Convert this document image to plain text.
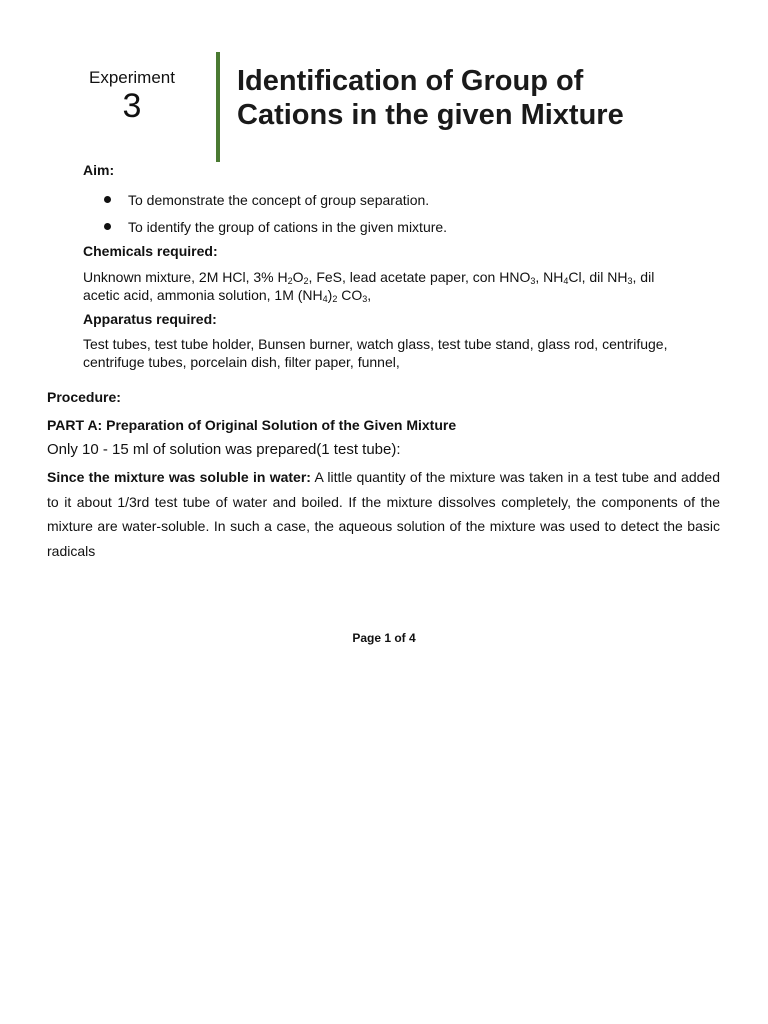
Experiment
3
Identification of Group of
Cations in the given Mixture
Aim:
To demonstrate the concept of group separation.
To identify the group of cations in the given mixture.
Chemicals required:
Unknown mixture, 2M HCl, 3% $H_2O_2$, FeS, lead acetate paper, con $HNO_3$, $NH_4Cl$, dil $NH_3$, dil
acetic acid, ammonia solution, 1M $(NH_4)_2$ $CO_3$,
Apparatus required:
Test tubes, test tube holder, Bunsen burner, watch glass, test tube stand, glass rod, centrifuge,
centrifuge tubes, porcelain dish, filter paper, funnel,
Procedure:
PART A: Preparation of Original Solution of the Given Mixture
Only 10 - 15 ml of solution was prepared(1 test tube):
Since the mixture was soluble in water: A little quantity of the mixture was taken in a test tube and added to it about 1/3rd test tube of water and boiled. If the mixture dissolves completely, the components of the mixture are water-soluble. In such a case, the aqueous solution of the mixture was used to detect the basic radicals
Page 1 of 4
